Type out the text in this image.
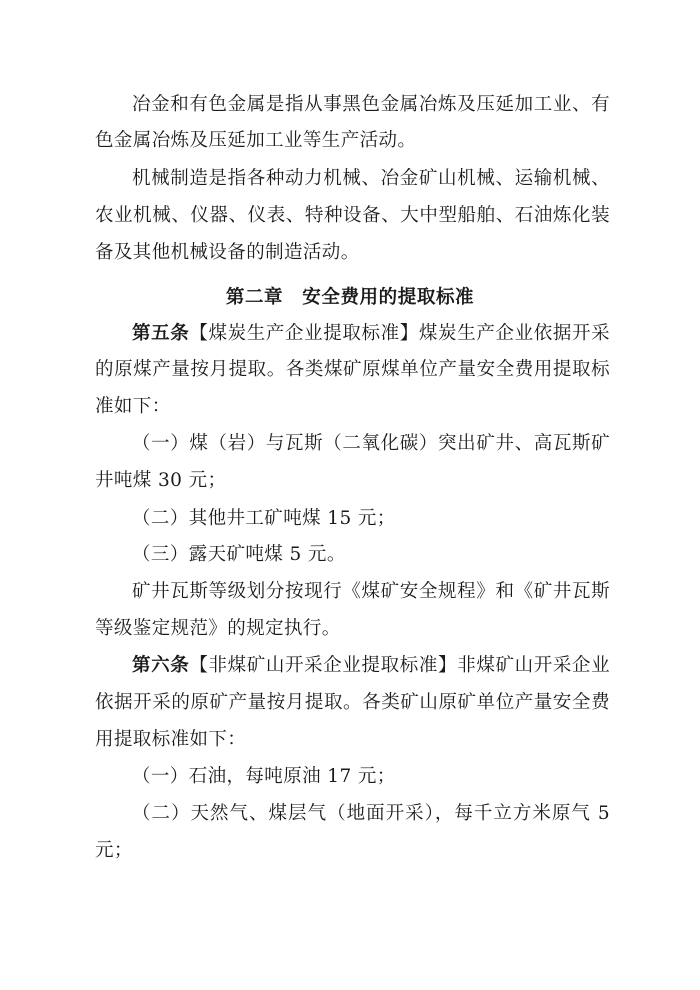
冶金和有色金属是指从事黑色金属冶炼及压延加工业、有
色金属冶炼及压延加工业等生产活动。
机械制造是指各种动力机械、冶金矿山机械、运输机械、
农业机械、仪器、仪表、特种设备、大中型船舶、石油炼化装
备及其他机械设备的制造活动。
第二章　安全费用的提取标准
第五条【煤炭生产企业提取标准】煤炭生产企业依据开采
的原煤产量按月提取。各类煤矿原煤单位产量安全费用提取标
准如下：
（一）煤（岩）与瓦斯（二氧化碳）突出矿井、高瓦斯矿
井吨煤 30 元；
（二）其他井工矿吨煤 15 元；
（三）露天矿吨煤 5 元。
矿井瓦斯等级划分按现行《煤矿安全规程》和《矿井瓦斯
等级鉴定规范》的规定执行。
第六条【非煤矿山开采企业提取标准】非煤矿山开采企业
依据开采的原矿产量按月提取。各类矿山原矿单位产量安全费
用提取标准如下：
（一）石油，每吨原油 17 元；
（二）天然气、煤层气（地面开采），每千立方米原气 5
元；
